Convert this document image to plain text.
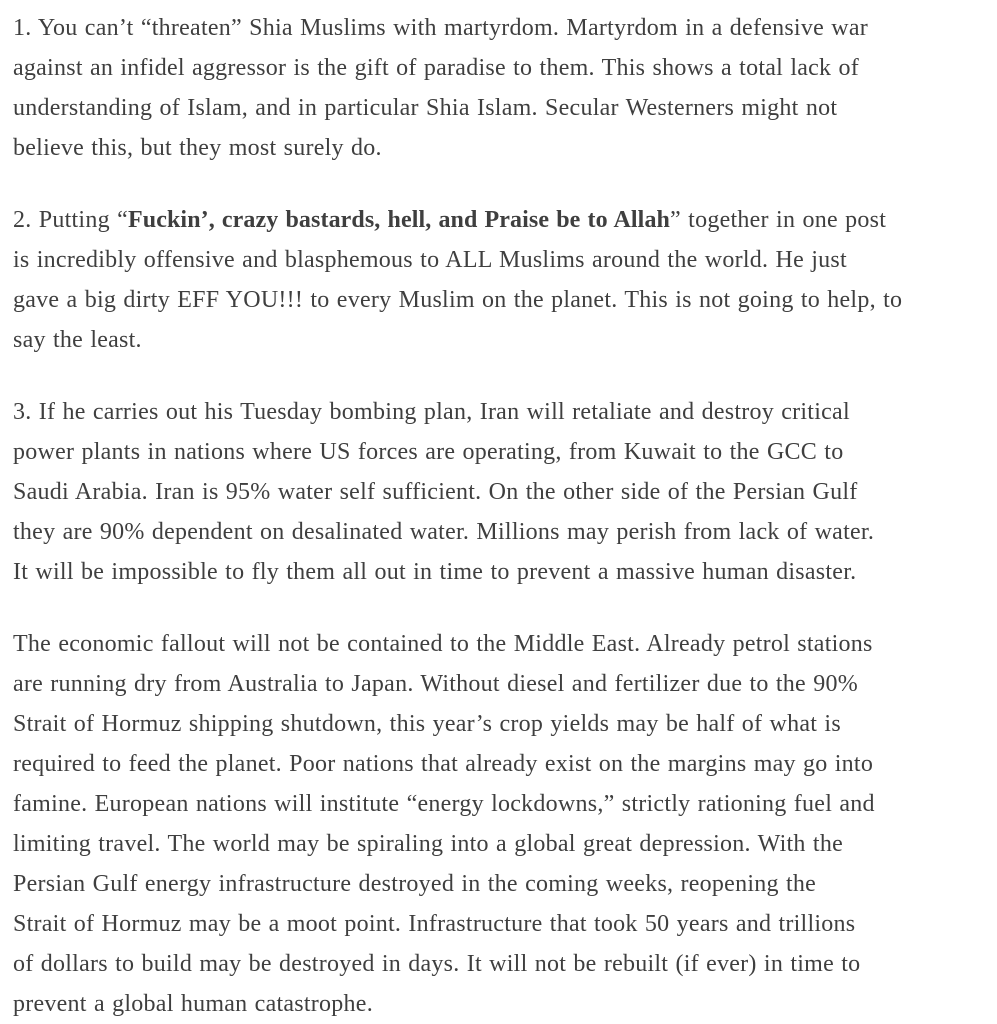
1. You can’t “threaten” Shia Muslims with martyrdom. Martyrdom in a defensive war
against an infidel aggressor is the gift of paradise to them. This shows a total lack of
understanding of Islam, and in particular Shia Islam. Secular Westerners might not
believe this, but they most surely do.

2. Putting “Fuckin’, crazy bastards, hell, and Praise be to Allah” together in one post
is incredibly offensive and blasphemous to ALL Muslims around the world. He just
gave a big dirty EFF YOU!!! to every Muslim on the planet. This is not going to help, to
say the least.

3. If he carries out his Tuesday bombing plan, Iran will retaliate and destroy critical
power plants in nations where US forces are operating, from Kuwait to the GCC to
Saudi Arabia. Iran is 95% water self sufficient. On the other side of the Persian Gulf
they are 90% dependent on desalinated water. Millions may perish from lack of water.
It will be impossible to fly them all out in time to prevent a massive human disaster.

The economic fallout will not be contained to the Middle East. Already petrol stations
are running dry from Australia to Japan. Without diesel and fertilizer due to the 90%
Strait of Hormuz shipping shutdown, this year’s crop yields may be half of what is
required to feed the planet. Poor nations that already exist on the margins may go into
famine. European nations will institute “energy lockdowns,” strictly rationing fuel and
limiting travel. The world may be spiraling into a global great depression. With the
Persian Gulf energy infrastructure destroyed in the coming weeks, reopening the
Strait of Hormuz may be a moot point. Infrastructure that took 50 years and trillions
of dollars to build may be destroyed in days. It will not be rebuilt (if ever) in time to
prevent a global human catastrophe.
